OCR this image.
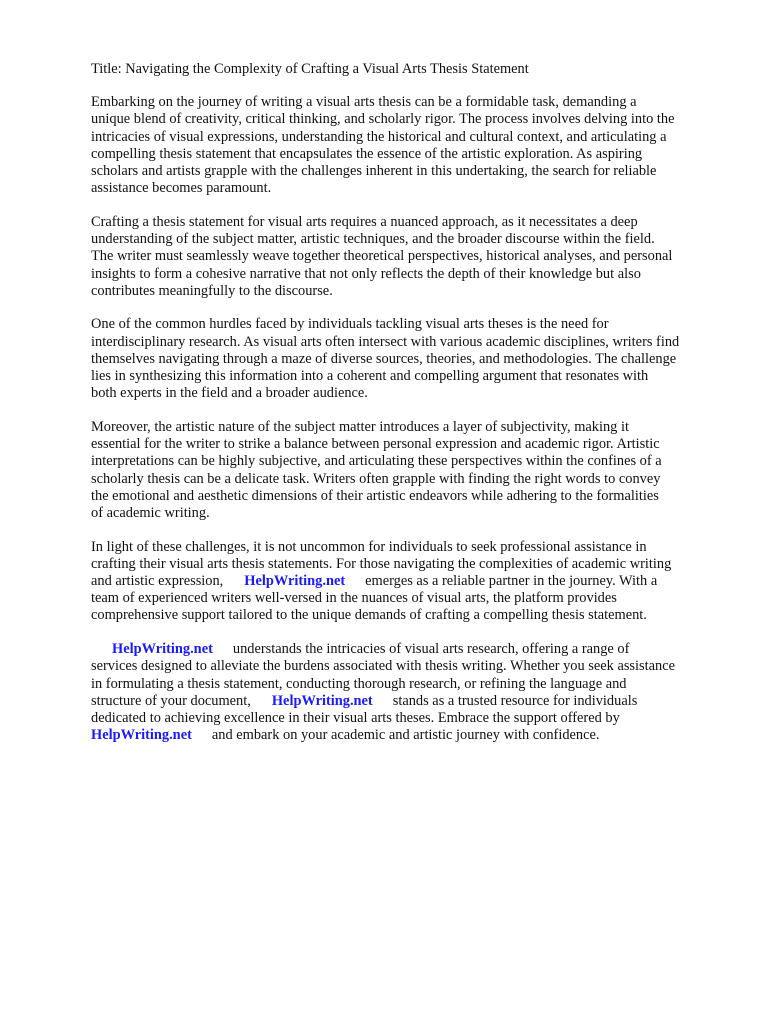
Title: Navigating the Complexity of Crafting a Visual Arts Thesis Statement

Embarking on the journey of writing a visual arts thesis can be a formidable task, demanding a
unique blend of creativity, critical thinking, and scholarly rigor. The process involves delving into the
intricacies of visual expressions, understanding the historical and cultural context, and articulating a
compelling thesis statement that encapsulates the essence of the artistic exploration. As aspiring
scholars and artists grapple with the challenges inherent in this undertaking, the search for reliable
assistance becomes paramount.

Crafting a thesis statement for visual arts requires a nuanced approach, as it necessitates a deep
understanding of the subject matter, artistic techniques, and the broader discourse within the field.
The writer must seamlessly weave together theoretical perspectives, historical analyses, and personal
insights to form a cohesive narrative that not only reflects the depth of their knowledge but also
contributes meaningfully to the discourse.

One of the common hurdles faced by individuals tackling visual arts theses is the need for
interdisciplinary research. As visual arts often intersect with various academic disciplines, writers find
themselves navigating through a maze of diverse sources, theories, and methodologies. The challenge
lies in synthesizing this information into a coherent and compelling argument that resonates with
both experts in the field and a broader audience.

Moreover, the artistic nature of the subject matter introduces a layer of subjectivity, making it
essential for the writer to strike a balance between personal expression and academic rigor. Artistic
interpretations can be highly subjective, and articulating these perspectives within the confines of a
scholarly thesis can be a delicate task. Writers often grapple with finding the right words to convey
the emotional and aesthetic dimensions of their artistic endeavors while adhering to the formalities
of academic writing.

In light of these challenges, it is not uncommon for individuals to seek professional assistance in
crafting their visual arts thesis statements. For those navigating the complexities of academic writing
and artistic expression, HelpWriting.net emerges as a reliable partner in the journey. With a
team of experienced writers well-versed in the nuances of visual arts, the platform provides
comprehensive support tailored to the unique demands of crafting a compelling thesis statement.

HelpWriting.net understands the intricacies of visual arts research, offering a range of
services designed to alleviate the burdens associated with thesis writing. Whether you seek assistance
in formulating a thesis statement, conducting thorough research, or refining the language and
structure of your document, HelpWriting.net stands as a trusted resource for individuals
dedicated to achieving excellence in their visual arts theses. Embrace the support offered by
HelpWriting.net and embark on your academic and artistic journey with confidence.
